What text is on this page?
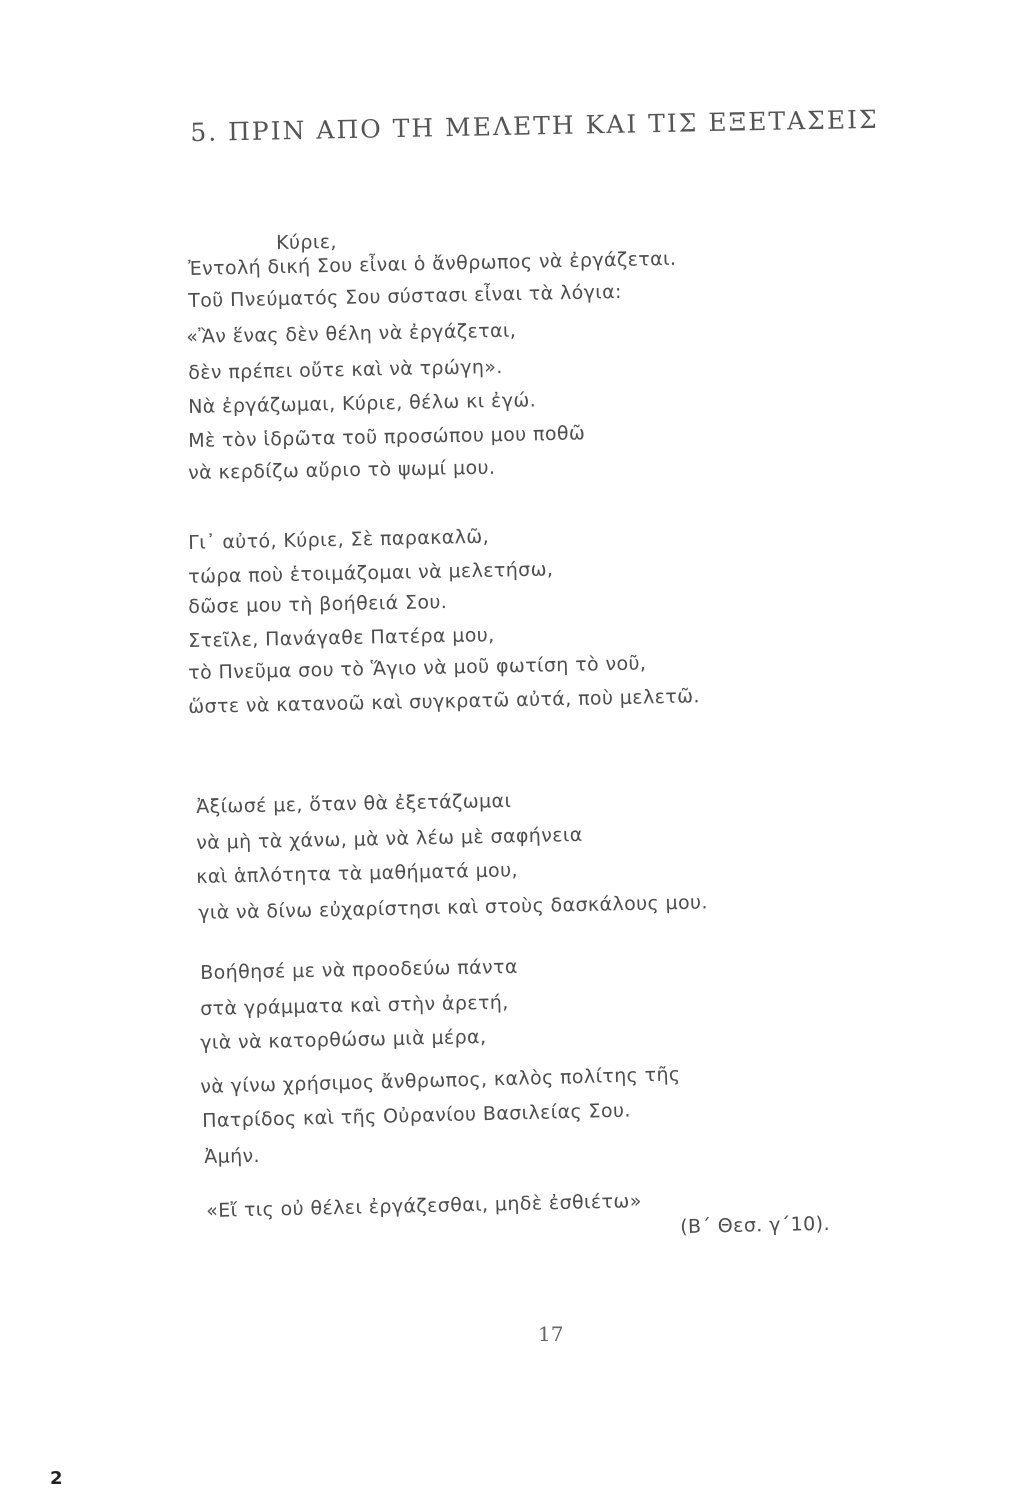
5. ΠΡΙΝ ΑΠΟ ΤΗ ΜΕΛΕΤΗ ΚΑΙ ΤΙΣ ΕΞΕΤΑΣΕΙΣ
Κύριε,
Ἐντολή δική Σου εἶναι ὁ ἄνθρωπος νὰ ἐργάζεται.
Τοῦ Πνεύματός Σου σύστασι εἶναι τὰ λόγια:
«Ἂν ἕνας δὲν θέλη νὰ ἐργάζεται,
δὲν πρέπει οὔτε καὶ νὰ τρώγη».
Νὰ ἐργάζωμαι, Κύριε, θέλω κι ἐγώ.
Μὲ τὸν ἱδρῶτα τοῦ προσώπου μου ποθῶ
νὰ κερδίζω αὔριο τὸ ψωμί μου.
Γι᾿ αὐτό, Κύριε, Σὲ παρακαλῶ,
τώρα ποὺ ἑτοιμάζομαι νὰ μελετήσω,
δῶσε μου τὴ βοήθειά Σου.
Στεῖλε, Πανάγαθε Πατέρα μου,
τὸ Πνεῦμα σου τὸ Ἅγιο νὰ μοῦ φωτίση τὸ νοῦ,
ὥστε νὰ κατανοῶ καὶ συγκρατῶ αὐτά, ποὺ μελετῶ.
Ἀξίωσέ με, ὅταν θὰ ἐξετάζωμαι
νὰ μὴ τὰ χάνω, μὰ νὰ λέω μὲ σαφήνεια
καὶ ἁπλότητα τὰ μαθήματά μου,
γιὰ νὰ δίνω εὐχαρίστησι καὶ στοὺς δασκάλους μου.
Βοήθησέ με νὰ προοδεύω πάντα
στὰ γράμματα καὶ στὴν ἀρετή,
γιὰ νὰ κατορθώσω μιὰ μέρα,
νὰ γίνω χρήσιμος ἄνθρωπος, καλὸς πολίτης τῆς
Πατρίδος καὶ τῆς Οὐρανίου Βασιλείας Σου.
Ἀμήν.
«Εἴ τις οὐ θέλει ἐργάζεσθαι, μηδὲ ἐσθιέτω»
(Β΄ Θεσ. γ΄10).
17
2
